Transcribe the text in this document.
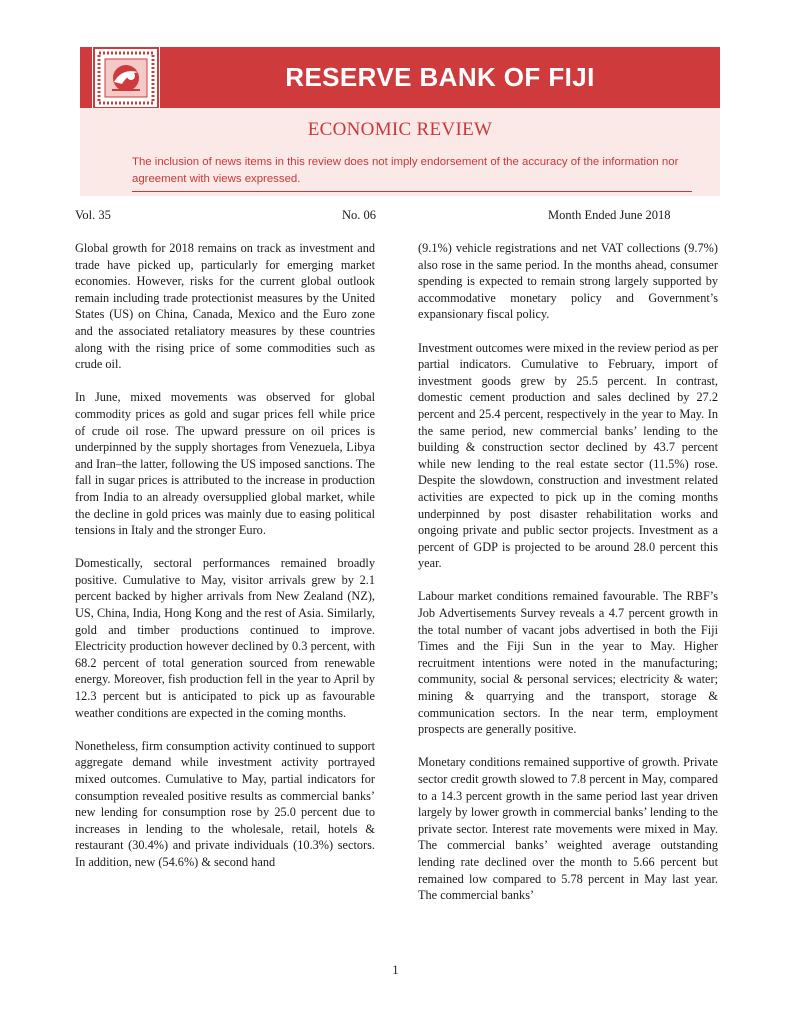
RESERVE BANK OF FIJI
ECONOMIC REVIEW
The inclusion of news items in this review does not imply endorsement of the accuracy of the information nor agreement with views expressed.
Vol. 35	No. 06	Month Ended June 2018

Global growth for 2018 remains on track as investment and trade have picked up, particularly for emerging market economies. However, risks for the current global outlook remain including trade protectionist measures by the United States (US) on China, Canada, Mexico and the Euro zone and the associated retaliatory measures by these countries along with the rising price of some commodities such as crude oil.

In June, mixed movements was observed for global commodity prices as gold and sugar prices fell while price of crude oil rose. The upward pressure on oil prices is underpinned by the supply shortages from Venezuela, Libya and Iran–the latter, following the US imposed sanctions. The fall in sugar prices is attributed to the increase in production from India to an already oversupplied global market, while the decline in gold prices was mainly due to easing political tensions in Italy and the stronger Euro.

Domestically, sectoral performances remained broadly positive. Cumulative to May, visitor arrivals grew by 2.1 percent backed by higher arrivals from New Zealand (NZ), US, China, India, Hong Kong and the rest of Asia. Similarly, gold and timber productions continued to improve. Electricity production however declined by 0.3 percent, with 68.2 percent of total generation sourced from renewable energy. Moreover, fish production fell in the year to April by 12.3 percent but is anticipated to pick up as favourable weather conditions are expected in the coming months.

Nonetheless, firm consumption activity continued to support aggregate demand while investment activity portrayed mixed outcomes. Cumulative to May, partial indicators for consumption revealed positive results as commercial banks’ new lending for consumption rose by 25.0 percent due to increases in lending to the wholesale, retail, hotels & restaurant (30.4%) and private individuals (10.3%) sectors. In addition, new (54.6%) & second hand

(9.1%) vehicle registrations and net VAT collections (9.7%) also rose in the same period. In the months ahead, consumer spending is expected to remain strong largely supported by accommodative monetary policy and Government’s expansionary fiscal policy.

Investment outcomes were mixed in the review period as per partial indicators. Cumulative to February, import of investment goods grew by 25.5 percent. In contrast, domestic cement production and sales declined by 27.2 percent and 25.4 percent, respectively in the year to May. In the same period, new commercial banks’ lending to the building & construction sector declined by 43.7 percent while new lending to the real estate sector (11.5%) rose. Despite the slowdown, construction and investment related activities are expected to pick up in the coming months underpinned by post disaster rehabilitation works and ongoing private and public sector projects. Investment as a percent of GDP is projected to be around 28.0 percent this year.

Labour market conditions remained favourable. The RBF’s Job Advertisements Survey reveals a 4.7 percent growth in the total number of vacant jobs advertised in both the Fiji Times and the Fiji Sun in the year to May. Higher recruitment intentions were noted in the manufacturing; community, social & personal services; electricity & water; mining & quarrying and the transport, storage & communication sectors. In the near term, employment prospects are generally positive.

Monetary conditions remained supportive of growth. Private sector credit growth slowed to 7.8 percent in May, compared to a 14.3 percent growth in the same period last year driven largely by lower growth in commercial banks’ lending to the private sector. Interest rate movements were mixed in May. The commercial banks’ weighted average outstanding lending rate declined over the month to 5.66 percent but remained low compared to 5.78 percent in May last year. The commercial banks’

1
